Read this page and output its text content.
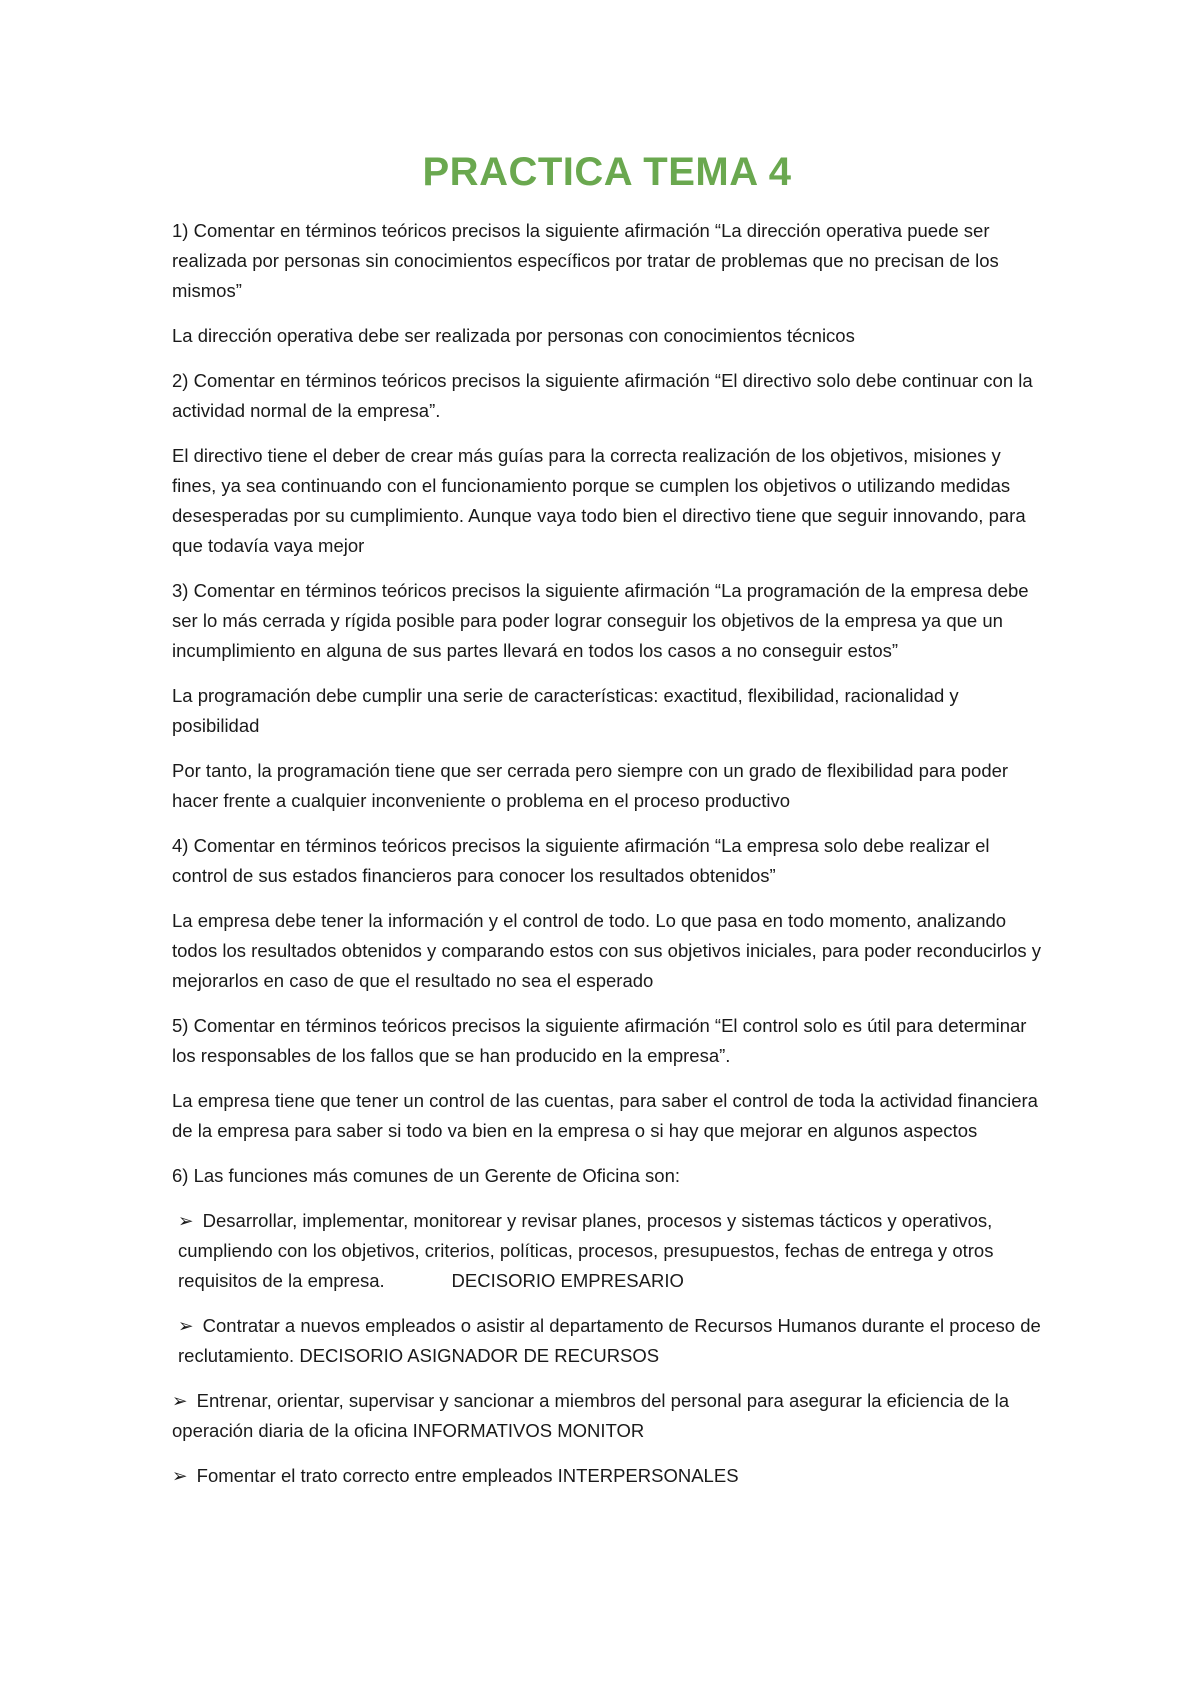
PRACTICA TEMA 4

1) Comentar en términos teóricos precisos la siguiente afirmación “La dirección operativa puede ser realizada por personas sin conocimientos específicos por tratar de problemas que no precisan de los mismos”

La dirección operativa debe ser realizada por personas con conocimientos técnicos

2) Comentar en términos teóricos precisos la siguiente afirmación “El directivo solo debe continuar con la actividad normal de la empresa”.

El directivo tiene el deber de crear más guías para la correcta realización de los objetivos, misiones y fines, ya sea continuando con el funcionamiento porque se cumplen los objetivos o utilizando medidas desesperadas por su cumplimiento. Aunque vaya todo bien el directivo tiene que seguir innovando, para que todavía vaya mejor

3) Comentar en términos teóricos precisos la siguiente afirmación “La programación de la empresa debe ser lo más cerrada y rígida posible para poder lograr conseguir los objetivos de la empresa ya que un incumplimiento en alguna de sus partes llevará en todos los casos a no conseguir estos”

La programación debe cumplir una serie de características: exactitud, flexibilidad, racionalidad y posibilidad

Por tanto, la programación tiene que ser cerrada pero siempre con un grado de flexibilidad para poder hacer frente a cualquier inconveniente o problema en el proceso productivo

4) Comentar en términos teóricos precisos la siguiente afirmación “La empresa solo debe realizar el control de sus estados financieros para conocer los resultados obtenidos”

La empresa debe tener la información y el control de todo. Lo que pasa en todo momento, analizando todos los resultados obtenidos y comparando estos con sus objetivos iniciales, para poder reconducirlos y mejorarlos en caso de que el resultado no sea el esperado

5) Comentar en términos teóricos precisos la siguiente afirmación “El control solo es útil para determinar los responsables de los fallos que se han producido en la empresa”.

La empresa tiene que tener un control de las cuentas, para saber el control de toda la actividad financiera de la empresa para saber si todo va bien en la empresa o si hay que mejorar en algunos aspectos

6) Las funciones más comunes de un Gerente de Oficina son:

➢ Desarrollar, implementar, monitorear y revisar planes, procesos y sistemas tácticos y operativos, cumpliendo con los objetivos, criterios, políticas, procesos, presupuestos, fechas de entrega y otros requisitos de la empresa.	DECISORIO EMPRESARIO

➢ Contratar a nuevos empleados o asistir al departamento de Recursos Humanos durante el proceso de reclutamiento. DECISORIO ASIGNADOR DE RECURSOS

➢ Entrenar, orientar, supervisar y sancionar a miembros del personal para asegurar la eficiencia de la operación diaria de la oficina INFORMATIVOS MONITOR

➢ Fomentar el trato correcto entre empleados INTERPERSONALES
